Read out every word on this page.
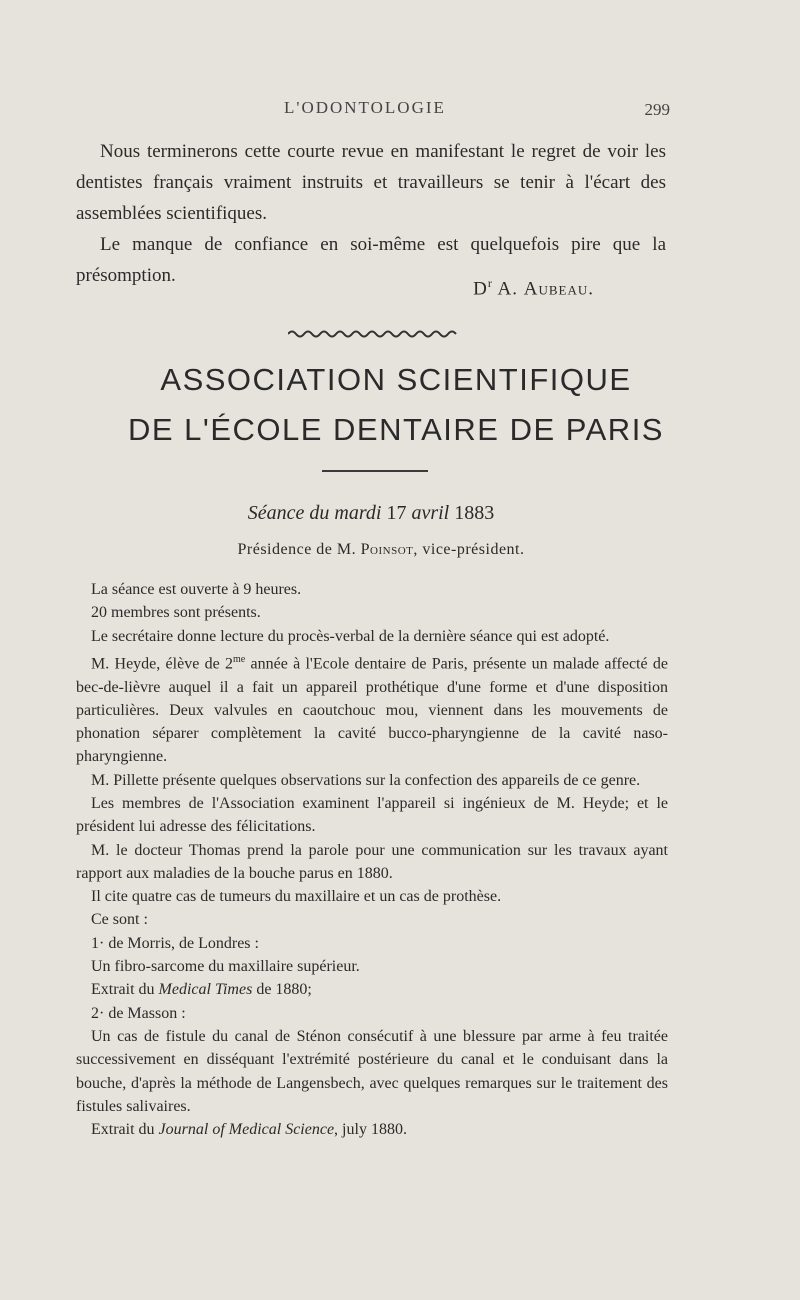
L'ODONTOLOGIE	299

Nous terminerons cette courte revue en manifestant le regret de voir les dentistes français vraiment instruits et travailleurs se tenir à l'écart des assemblées scientifiques.

Le manque de confiance en soi-même est quelquefois pire que la présomption.

$D^r$ A. Aubeau.
ASSOCIATION SCIENTIFIQUE
DE L'ÉCOLE DENTAIRE DE PARIS
Séance du mardi 17 avril 1883
Présidence de M. Poinsot, vice-président.

La séance est ouverte à 9 heures.

20 membres sont présents.

Le secrétaire donne lecture du procès-verbal de la dernière séance qui est adopté.

M. Heyde, élève de $2^{me}$ année à l'Ecole dentaire de Paris, présente un malade affecté de bec-de-lièvre auquel il a fait un appareil prothétique d'une forme et d'une disposition particulières. Deux valvules en caoutchouc mou, viennent dans les mouvements de phonation séparer complètement la cavité bucco-pharyngienne de la cavité naso-pharyngienne.

M. Pillette présente quelques observations sur la confection des appareils de ce genre.

Les membres de l'Association examinent l'appareil si ingénieux de M. Heyde; et le président lui adresse des félicitations.

M. le docteur Thomas prend la parole pour une communication sur les travaux ayant rapport aux maladies de la bouche parus en 1880.

Il cite quatre cas de tumeurs du maxillaire et un cas de prothèse.

Ce sont :

1· de Morris, de Londres :

Un fibro-sarcome du maxillaire supérieur.

Extrait du Medical Times de 1880;

2· de Masson :

Un cas de fistule du canal de Sténon consécutif à une blessure par arme à feu traitée successivement en disséquant l'extrémité postérieure du canal et le conduisant dans la bouche, d'après la méthode de Langensbech, avec quelques remarques sur le traitement des fistules salivaires.

Extrait du Journal of Medical Science, july 1880.
